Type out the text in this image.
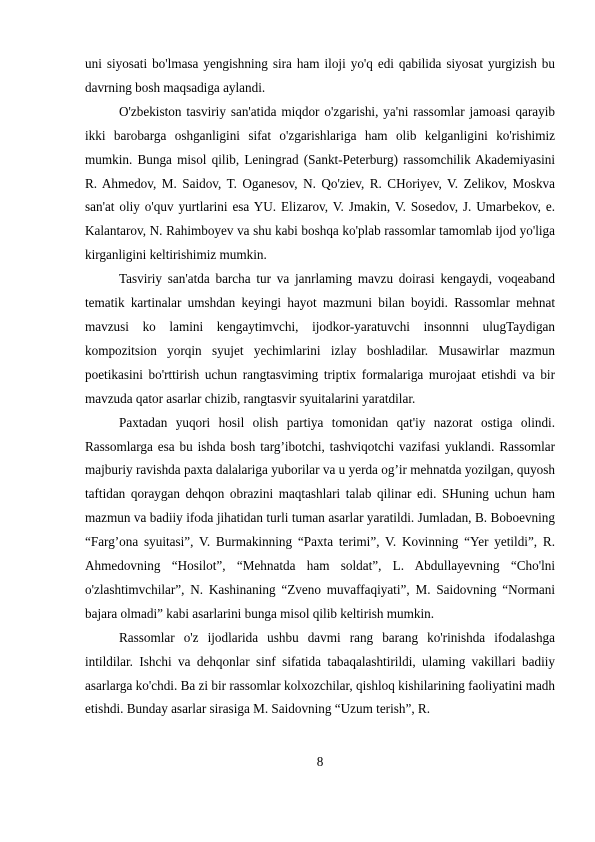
uni siyosati bo'lmasa yengishning sira ham iloji yo'q edi qabilida siyosat yurgizish bu davrning bosh maqsadiga aylandi.

O'zbekiston tasviriy san'atida miqdor o'zgarishi, ya'ni rassomlar jamoasi qarayib ikki barobarga oshganligini sifat o'zgarishlariga ham olib kelganligini ko'rishimiz mumkin. Bunga misol qilib, Leningrad (Sankt-Peterburg) rassomchilik Akademiyasini R. Ahmedov, M. Saidov, T. Oganesov, N. Qo'ziev, R. CHoriyev, V. Zelikov, Moskva san'at oliy o'quv yurtlarini esa YU. Elizarov, V. Jmakin, V. Sosedov, J. Umarbekov, e. Kalantarov, N. Rahimboyev va shu kabi boshqa ko'plab rassomlar tamomlab ijod yo'liga kirganligini keltirishimiz mumkin.

Tasviriy san'atda barcha tur va janrlaming mavzu doirasi kengaydi, voqeaband tematik kartinalar umshdan keyingi hayot mazmuni bilan boyidi. Rassomlar mehnat mavzusi ko lamini kengaytimvchi, ijodkor-yaratuvchi insonnni ulugTaydigan kompozitsion yorqin syujet yechimlarini izlay boshladilar. Musawirlar mazmun poetikasini bo'rttirish uchun rangtasviming triptix formalariga murojaat etishdi va bir mavzuda qator asarlar chizib, rangtasvir syuitalarini yaratdilar.

Paxtadan yuqori hosil olish partiya tomonidan qat'iy nazorat ostiga olindi. Rassomlarga esa bu ishda bosh targ’ibotchi, tashviqotchi vazifasi yuklandi. Rassomlar majburiy ravishda paxta dalalariga yuborilar va u yerda og’ir mehnatda yozilgan, quyosh taftidan qoraygan dehqon obrazini maqtashlari talab qilinar edi. SHuning uchun ham mazmun va badiiy ifoda jihatidan turli tuman asarlar yaratildi. Jumladan, B. Boboevning “Farg’ona syuitasi”, V. Burmakinning “Paxta terimi”, V. Kovinning “Yer yetildi”, R. Ahmedovning “Hosilot”, “Mehnatda ham soldat”, L. Abdullayevning “Cho'lni o'zlashtimvchilar”, N. Kashinaning “Zveno muvaffaqiyati”, M. Saidovning “Normani bajara olmadi” kabi asarlarini bunga misol qilib keltirish mumkin.

Rassomlar o'z ijodlarida ushbu davmi rang barang ko'rinishda ifodalashga intildilar. Ishchi va dehqonlar sinf sifatida tabaqalashtirildi, ulaming vakillari badiiy asarlarga ko'chdi. Ba zi bir rassomlar kolxozchilar, qishloq kishilarining faoliyatini madh etishdi. Bunday asarlar sirasiga M. Saidovning “Uzum terish”, R.

8
